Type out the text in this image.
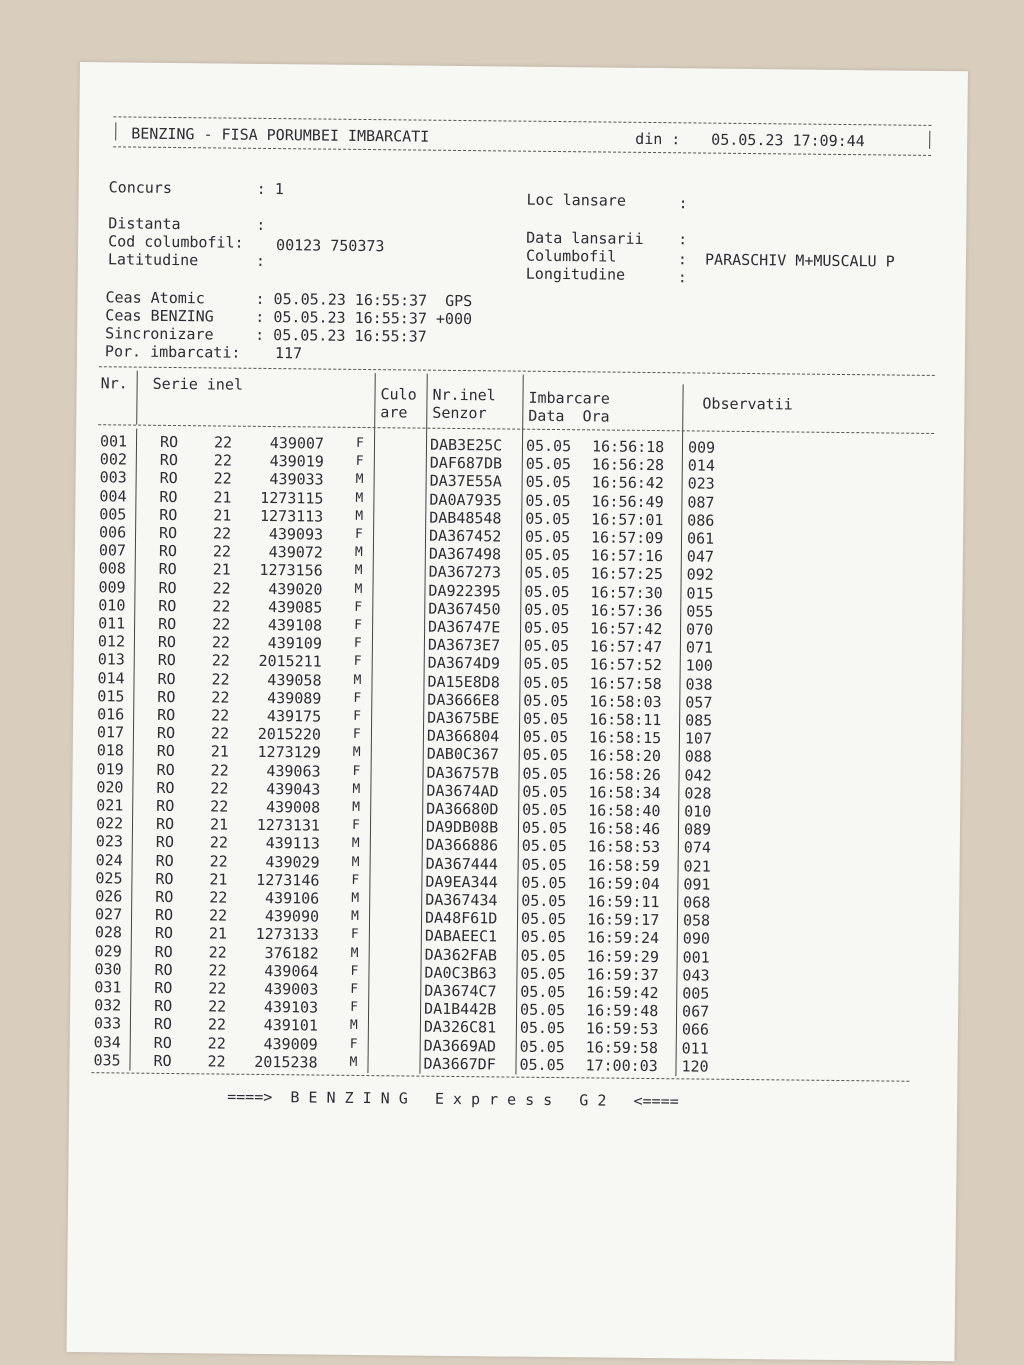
BENZING - FISA PORUMBEI IMBARCATI	din : 05.05.23 17:09:44
Concurs	: 1
Distanta	:
Cod columbofil: 00123 750373
Latitudine	:
Loc lansare	:
Data lansarii :
Columbofil	:  PARASCHIV M+MUSCALU P
Longitudine	:
Ceas Atomic	: 05.05.23 16:55:37  GPS
Ceas BENZING	: 05.05.23 16:55:37 +000
Sincronizare	: 05.05.23 16:55:37
Por. imbarcati: 117
Nr. Serie inel
Culo
are
Nr.inel
Senzor
Imbarcare
Data  Ora
Observatii
001 RO 22	439007 F	DAB3E25C 05.05 16:56:18 009
002 RO 22	439019 F	DAF687DB 05.05 16:56:28 014
003 RO 22	439033 M	DA37E55A 05.05 16:56:42 023
004 RO 21	1273115 M	DA0A7935 05.05 16:56:49 087
005 RO 21	1273113 M	DAB48548 05.05 16:57:01 086
006 RO 22	439093 F	DA367452 05.05 16:57:09 061
007 RO 22	439072 M	DA367498 05.05 16:57:16 047
008 RO 21	1273156 M	DA367273 05.05 16:57:25 092
009 RO 22	439020 M	DA922395 05.05 16:57:30 015
010 RO 22	439085 F	DA367450 05.05 16:57:36 055
011 RO 22	439108 F	DA36747E 05.05 16:57:42 070
012 RO 22	439109 F	DA3673E7 05.05 16:57:47 071
013 RO 22	2015211 F	DA3674D9 05.05 16:57:52 100
014 RO 22	439058 M	DA15E8D8 05.05 16:57:58 038
015 RO 22	439089 F	DA3666E8 05.05 16:58:03 057
016 RO 22	439175 F	DA3675BE 05.05 16:58:11 085
017 RO 22	2015220 F	DA366804 05.05 16:58:15 107
018 RO 21	1273129 M	DAB0C367 05.05 16:58:20 088
019 RO 22	439063 F	DA36757B 05.05 16:58:26 042
020 RO 22	439043 M	DA3674AD 05.05 16:58:34 028
021 RO 22	439008 M	DA36680D 05.05 16:58:40 010
022 RO 21	1273131 F	DA9DB08B 05.05 16:58:46 089
023 RO 22	439113 M	DA366886 05.05 16:58:53 074
024 RO 22	439029 M	DA367444 05.05 16:58:59 021
025 RO 21	1273146 F	DA9EA344 05.05 16:59:04 091
026 RO 22	439106 M	DA367434 05.05 16:59:11 068
027 RO 22	439090 M	DA48F61D 05.05 16:59:17 058
028 RO 21	1273133 F	DABAEEC1 05.05 16:59:24 090
029 RO 22	376182 M	DA362FAB 05.05 16:59:29 001
030 RO 22	439064 F	DA0C3B63 05.05 16:59:37 043
031 RO 22	439003 F	DA3674C7 05.05 16:59:42 005
032 RO 22	439103 F	DA1B442B 05.05 16:59:48 067
033 RO 22	439101 M	DA326C81 05.05 16:59:53 066
034 RO 22	439009 F	DA3669AD 05.05 16:59:58 011
035 RO 22	2015238 M	DA3667DF 05.05 17:00:03 120
====>  B E N Z I N G   E x p r e s s   G 2   <====
